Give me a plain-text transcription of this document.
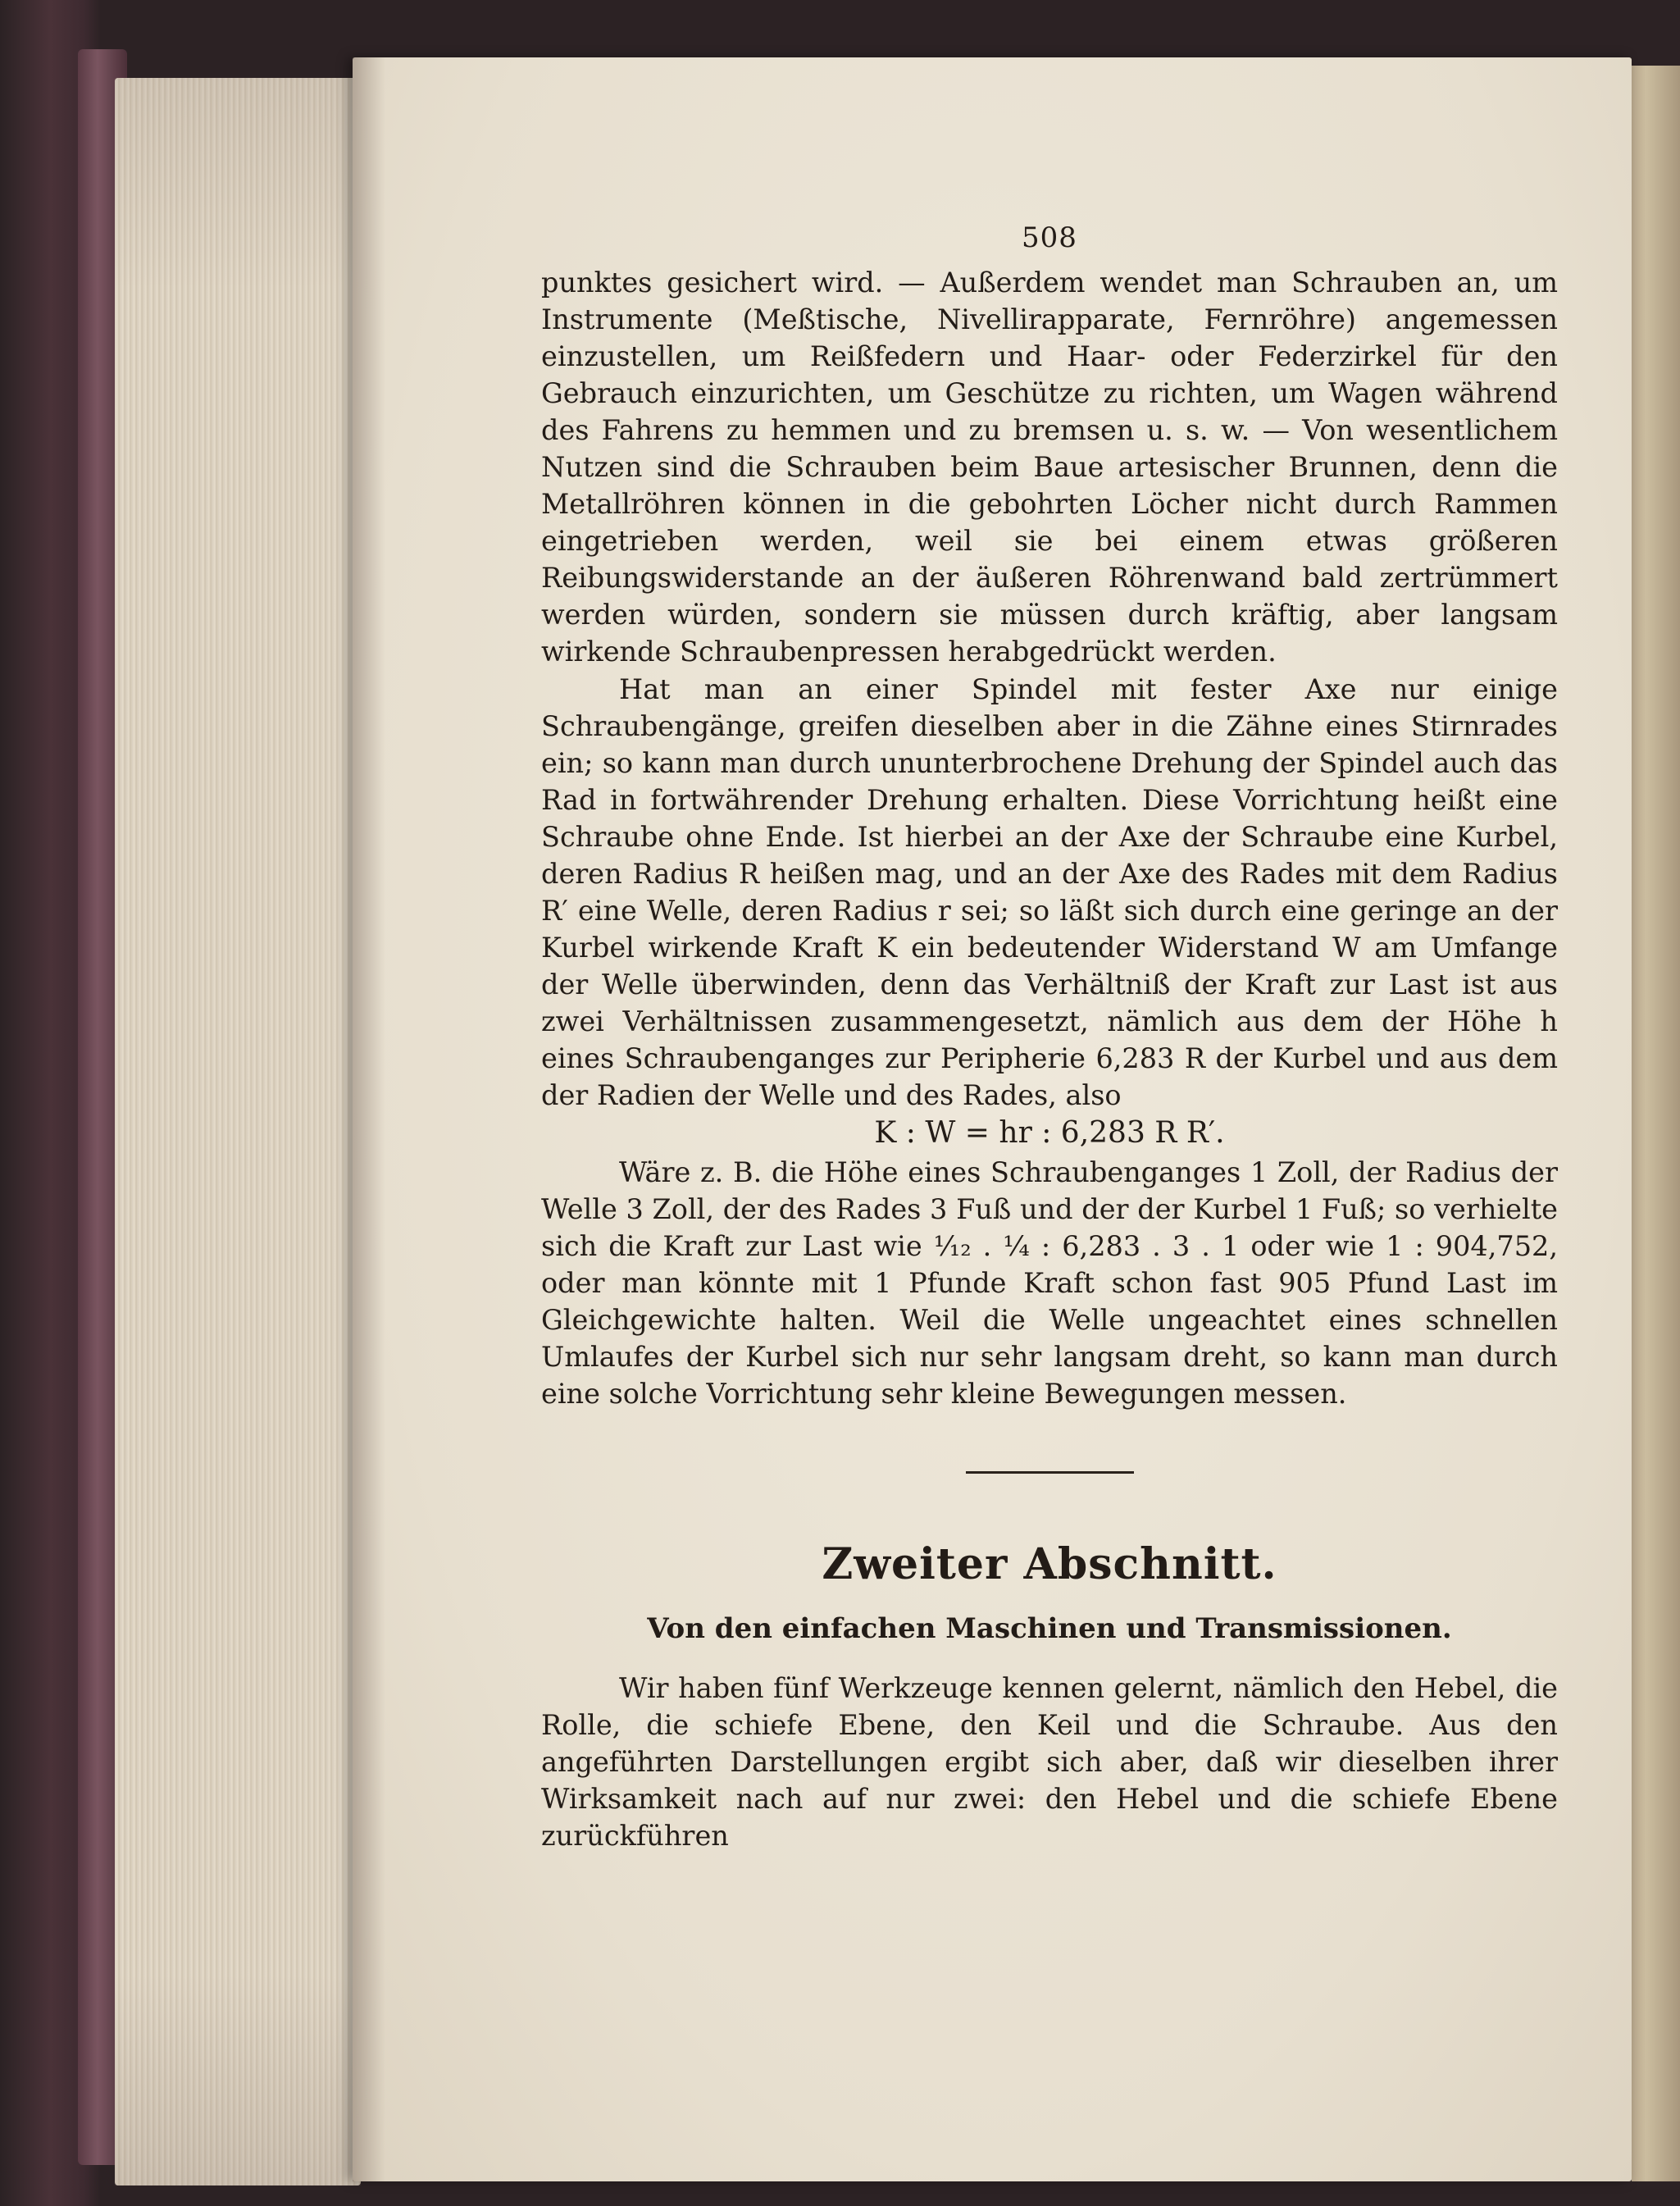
508

punktes gesichert wird. — Außerdem wendet man Schrauben an, um Instrumente (Meßtische, Nivellirapparate, Fernröhre) angemessen einzustellen, um Reißfedern und Haar- oder Federzirkel für den Gebrauch einzurichten, um Geschütze zu richten, um Wagen während des Fahrens zu hemmen und zu bremsen u. s. w. — Von wesentlichem Nutzen sind die Schrauben beim Baue artesischer Brunnen, denn die Metallröhren können in die gebohrten Löcher nicht durch Rammen eingetrieben werden, weil sie bei einem etwas größeren Reibungswiderstande an der äußeren Röhrenwand bald zertrümmert werden würden, sondern sie müssen durch kräftig, aber langsam wirkende Schraubenpressen herabgedrückt werden.

Hat man an einer Spindel mit fester Axe nur einige Schraubengänge, greifen dieselben aber in die Zähne eines Stirnrades ein; so kann man durch ununterbrochene Drehung der Spindel auch das Rad in fortwährender Drehung erhalten. Diese Vorrichtung heißt eine Schraube ohne Ende. Ist hierbei an der Axe der Schraube eine Kurbel, deren Radius R heißen mag, und an der Axe des Rades mit dem Radius R′ eine Welle, deren Radius r sei; so läßt sich durch eine geringe an der Kurbel wirkende Kraft K ein bedeutender Widerstand W am Umfange der Welle überwinden, denn das Verhältniß der Kraft zur Last ist aus zwei Verhältnissen zusammengesetzt, nämlich aus dem der Höhe h eines Schraubenganges zur Peripherie 6,283 R der Kurbel und aus dem der Radien der Welle und des Rades, also

K : W = hr : 6,283 R R′.

Wäre z. B. die Höhe eines Schraubenganges 1 Zoll, der Radius der Welle 3 Zoll, der des Rades 3 Fuß und der der Kurbel 1 Fuß; so verhielte sich die Kraft zur Last wie ¹⁄₁₂ . ¹⁄₄ : 6,283 . 3 . 1 oder wie 1 : 904,752, oder man könnte mit 1 Pfunde Kraft schon fast 905 Pfund Last im Gleichgewichte halten. Weil die Welle ungeachtet eines schnellen Umlaufes der Kurbel sich nur sehr langsam dreht, so kann man durch eine solche Vorrichtung sehr kleine Bewegungen messen.

Zweiter Abschnitt.
Von den einfachen Maschinen und Transmissionen.

Wir haben fünf Werkzeuge kennen gelernt, nämlich den Hebel, die Rolle, die schiefe Ebene, den Keil und die Schraube. Aus den angeführten Darstellungen ergibt sich aber, daß wir dieselben ihrer Wirksamkeit nach auf nur zwei: den Hebel und die schiefe Ebene zurückführen
